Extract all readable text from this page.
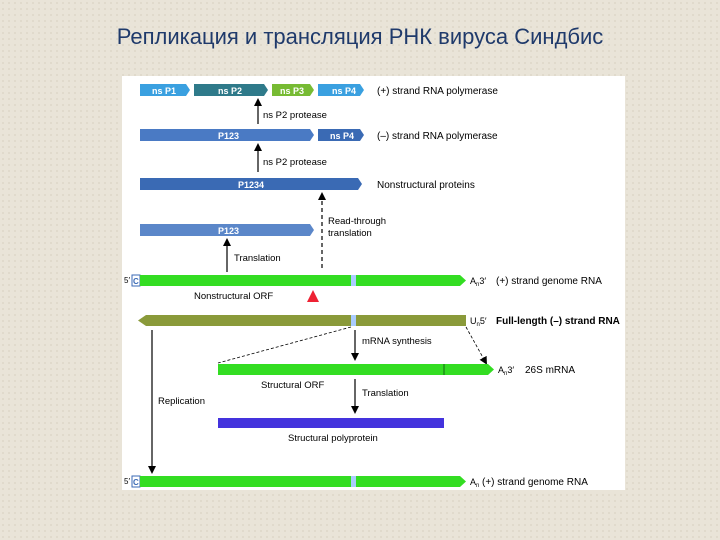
Репликация и трансляция РНК вируса Синдбис
ns P1	ns P2	ns P3	ns P4 (+) strand RNA polymerase
ns P2 protease
P123	ns P4 (–) strand RNA polymerase
ns P2 protease
P1234	Nonstructural proteins
Read-through
translation
P123
Translation
5′ C	$A_n3'$ (+) strand genome RNA
Nonstructural ORF
$U_n5'$ Full-length (–) strand RNA
mRNA synthesis
$A_n3'$ 26S mRNA
Structural ORF
Translation
Replication
Structural polyprotein
5′ C	$A_n$ (+) strand genome RNA
